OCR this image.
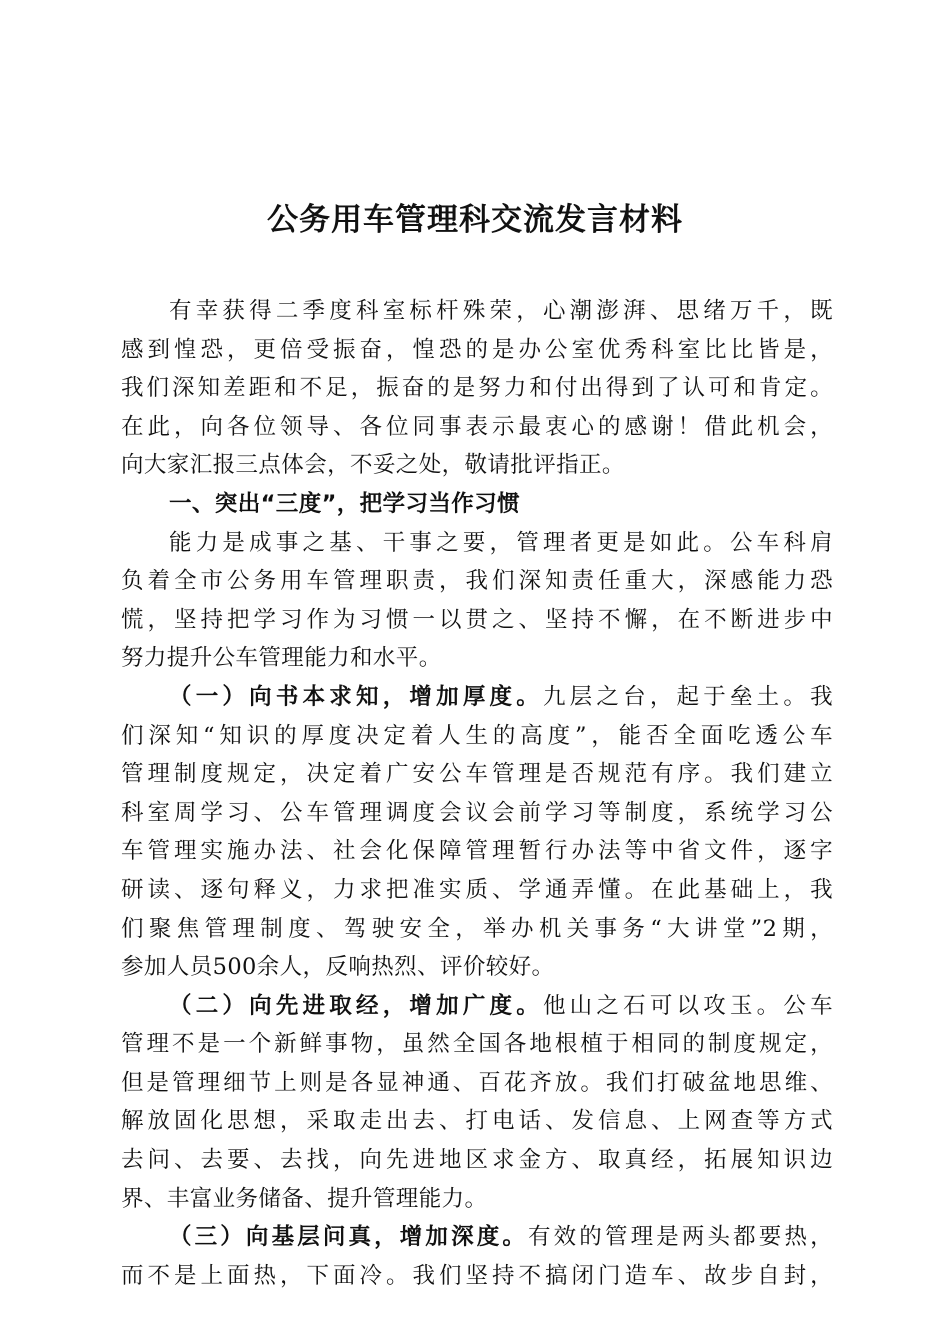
公务用车管理科交流发言材料

有幸获得二季度科室标杆殊荣，心潮澎湃、思绪万千，既

感到惶恐，更倍受振奋，惶恐的是办公室优秀科室比比皆是，

我们深知差距和不足，振奋的是努力和付出得到了认可和肯定。

在此，向各位领导、各位同事表示最衷心的感谢！借此机会，

向大家汇报三点体会，不妥之处，敬请批评指正。

一、突出“三度”，把学习当作习惯

能力是成事之基、干事之要，管理者更是如此。公车科肩

负着全市公务用车管理职责，我们深知责任重大，深感能力恐

慌，坚持把学习作为习惯一以贯之、坚持不懈，在不断进步中

努力提升公车管理能力和水平。

（一）向书本求知，增加厚度。九层之台，起于垒土。我

们深知“知识的厚度决定着人生的高度”，能否全面吃透公车

管理制度规定，决定着广安公车管理是否规范有序。我们建立

科室周学习、公车管理调度会议会前学习等制度，系统学习公

车管理实施办法、社会化保障管理暂行办法等中省文件，逐字

研读、逐句释义，力求把准实质、学通弄懂。在此基础上，我

们聚焦管理制度、驾驶安全，举办机关事务“大讲堂”2期，

参加人员500余人，反响热烈、评价较好。

（二）向先进取经，增加广度。他山之石可以攻玉。公车

管理不是一个新鲜事物，虽然全国各地根植于相同的制度规定，

但是管理细节上则是各显神通、百花齐放。我们打破盆地思维、

解放固化思想，采取走出去、打电话、发信息、上网查等方式

去问、去要、去找，向先进地区求金方、取真经，拓展知识边

界、丰富业务储备、提升管理能力。

（三）向基层问真，增加深度。有效的管理是两头都要热，

而不是上面热，下面冷。我们坚持不搞闭门造车、故步自封，
